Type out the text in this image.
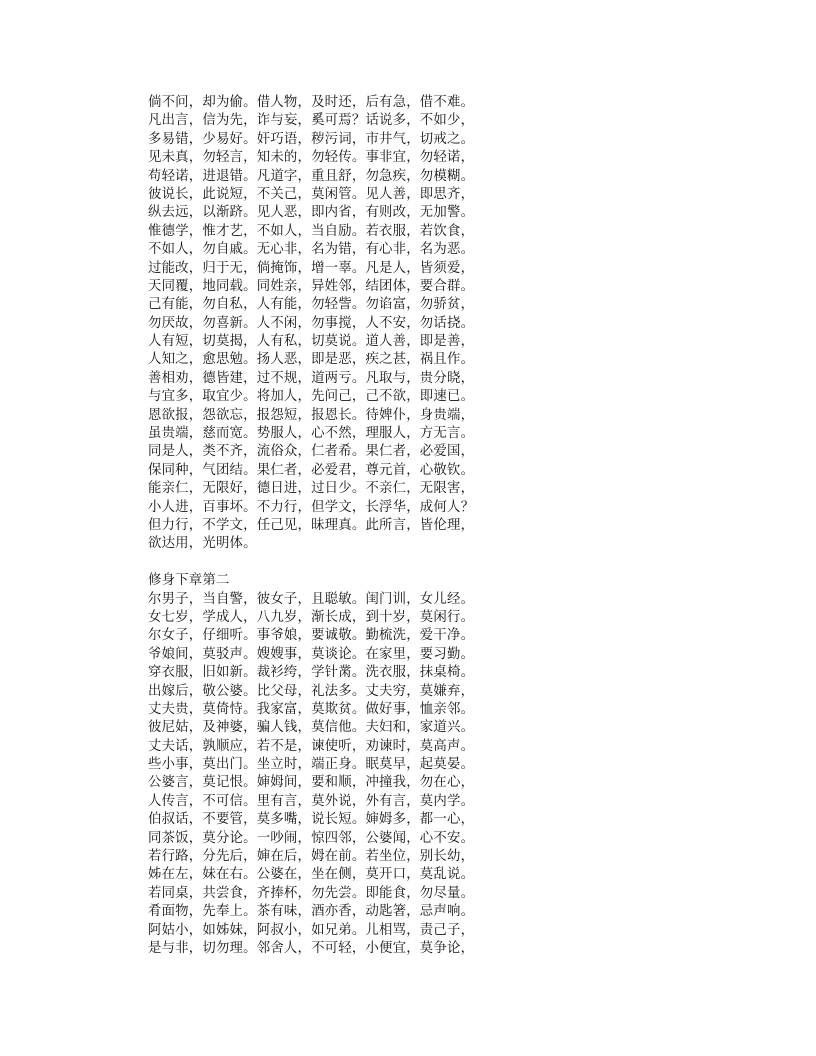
倘不问，却为偷。借人物，及时还，后有急，借不难。
凡出言，信为先，诈与妄，奚可焉？话说多，不如少，
多易错，少易好。奸巧语，秽污词，市井气，切戒之。
见未真，勿轻言，知未的，勿轻传。事非宜，勿轻诺，
苟轻诺，进退错。凡道字，重且舒，勿急疾，勿模糊。
彼说长，此说短，不关己，莫闲管。见人善，即思齐，
纵去远，以渐跻。见人恶，即内省，有则改，无加警。
惟德学，惟才艺，不如人，当自励。若衣服，若饮食，
不如人，勿自戚。无心非，名为错，有心非，名为恶。
过能改，归于无，倘掩饰，增一辜。凡是人，皆须爱，
天同覆，地同载。同姓亲，异姓邻，结团体，要合群。
己有能，勿自私，人有能，勿轻訾。勿谄富，勿骄贫，
勿厌故，勿喜新。人不闲，勿事搅，人不安，勿话挠。
人有短，切莫揭，人有私，切莫说。道人善，即是善，
人知之，愈思勉。扬人恶，即是恶，疾之甚，祸且作。
善相劝，德皆建，过不规，道两亏。凡取与，贵分晓，
与宜多，取宜少。将加人，先问己，己不欲，即速已。
恩欲报，怨欲忘，报怨短，报恩长。待婢仆，身贵端，
虽贵端，慈而宽。势服人，心不然，理服人，方无言。
同是人，类不齐，流俗众，仁者希。果仁者，必爱国，
保同种，气团结。果仁者，必爱君，尊元首，心敬钦。
能亲仁，无限好，德日进，过日少。不亲仁，无限害，
小人进，百事坏。不力行，但学文，长浮华，成何人？
但力行，不学文，任己见，昧理真。此所言，皆伦理，
欲达用，光明体。
修身下章第二
尔男子，当自警，彼女子，且聪敏。闺门训，女儿经。
女七岁，学成人，八九岁，渐长成，到十岁，莫闲行。
尔女子，仔细听。事爷娘，要诚敬。勤梳洗，爱干净。
爷娘间，莫驳声。嫂嫂事，莫谈论。在家里，要习勤。
穿衣服，旧如新。裁衫绔，学针黹。洗衣服，抹桌椅。
出嫁后，敬公婆。比父母，礼法多。丈夫穷，莫嫌弃，
丈夫贵，莫倚恃。我家富，莫欺贫。做好事，恤亲邻。
彼尼姑，及神婆，骗人钱，莫信他。夫妇和，家道兴。
丈夫话，孰顺应，若不是，谏使听，劝谏时，莫高声。
些小事，莫出门。坐立时，端正身。眠莫早，起莫晏。
公婆言，莫记恨。婶姆间，要和顺，冲撞我，勿在心，
人传言，不可信。里有言，莫外说，外有言，莫内学。
伯叔话，不要管，莫多嘴，说长短。婶姆多，都一心，
同茶饭，莫分论。一吵闹，惊四邻，公婆闻，心不安。
若行路，分先后，婶在后，姆在前。若坐位，别长幼，
姊在左，妹在右。公婆在，坐在侧，莫开口，莫乱说。
若同桌，共尝食，齐捧杯，勿先尝。即能食，勿尽量。
肴面物，先奉上。茶有味，酒亦香，动匙箸，忌声响。
阿姑小，如姊妹，阿叔小，如兄弟。儿相骂，责己子，
是与非，切勿理。邻舍人，不可轻，小便宜，莫争论，
